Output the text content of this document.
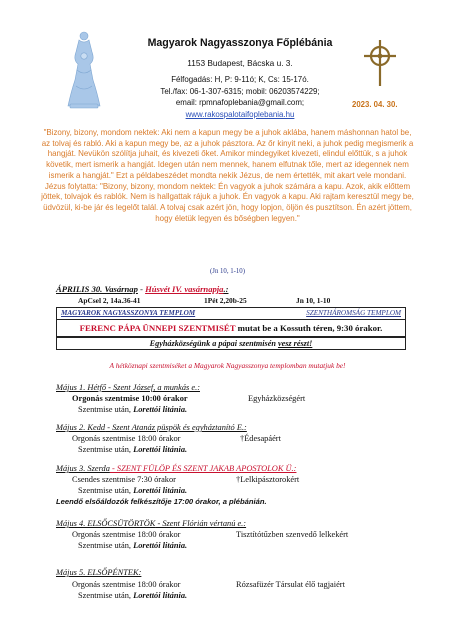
Magyarok Nagyasszonya Főplébánia
1153 Budapest, Bácska u. 3.
Félfogadás: H, P: 9-11ó; K, Cs: 15-17ó.
Tel./fax: 06-1-307-6315; mobil: 06203574229;
email: rpmnafoplebania@gmail.com;
www.rakospalotaifoplebania.hu
2023. 04. 30.
"Bizony, bizony, mondom nektek: Aki nem a kapun megy be a juhok aklába, hanem máshonnan hatol be, az tolvaj és rabló. Aki a kapun megy be, az a juhok pásztora. Az őr kinyit neki, a juhok pedig megismerik a hangját. Nevükön szólítja juhait, és kivezeti őket. Amikor mindegyiket kivezeti, elindul előttük, s a juhok követik, mert ismerik a hangját. Idegen után nem mennek, hanem elfutnak tőle, mert az idegennek nem ismerik a hangját." Ezt a példabeszédet mondta nekik Jézus, de nem értették, mit akart vele mondani. Jézus folytatta: "Bizony, bizony, mondom nektek: Én vagyok a juhok számára a kapu. Azok, akik előttem jöttek, tolvajok és rablók. Nem is hallgattak rájuk a juhok. Én vagyok a kapu. Aki rajtam keresztül megy be, üdvözül, ki-be jár és legelőt talál. A tolvaj csak azért jön, hogy lopjon, öljön és pusztítson. Én azért jöttem, hogy életük legyen és bőségben legyen."
(Jn 10, 1-10)
ÁPRILIS 30. Vasárnap - Húsvét IV. vasárnapja.:
ApCsel 2, 14a.36-41	1Pét 2,20b-25	Jn 10, 1-10
MAGYAROK NAGYASSZONYA TEMPLOM	SZENTHÁROMSÁG TEMPLOM
FERENC PÁPA ÜNNEPI SZENTMISÉT mutat be a Kossuth téren, 9:30 órakor.
Egyházközségünk a pápai szentmisén vesz részt!
A hétköznapi szentmiséket a Magyarok Nagyasszonya templomban mutatjuk be!
Május 1. Hétfő - Szent József, a munkás e.:
Orgonás szentmise 10:00 órakor	Egyházközségért
Szentmise után, Lorettói litánia.
Május 2. Kedd - Szent Atanáz püspök és egyháztanító E.:
Orgonás szentmise 18:00 órakor	†Édesapáért
Szentmise után, Lorettói litánia.
Május 3. Szerda - SZENT FÜLÖP ÉS SZENT JAKAB APOSTOLOK Ü.:
Csendes szentmise 7:30 órakor	†Lelkipásztorokért
Szentmise után, Lorettói litánia.
Leendő elsőáldozók felkészítője 17:00 órakor, a plébánián.
Május 4. ELSŐCSÜTÖRTÖK - Szent Flórián vértanú e.:
Orgonás szentmise 18:00 órakor	Tisztítótűzben szenvedő lelkekért
Szentmise után, Lorettói litánia.
Május 5. ELSŐPÉNTEK:
Orgonás szentmise 18:00 órakor	Rózsafüzér Társulat élő tagjaiért
Szentmise után, Lorettói litánia.
